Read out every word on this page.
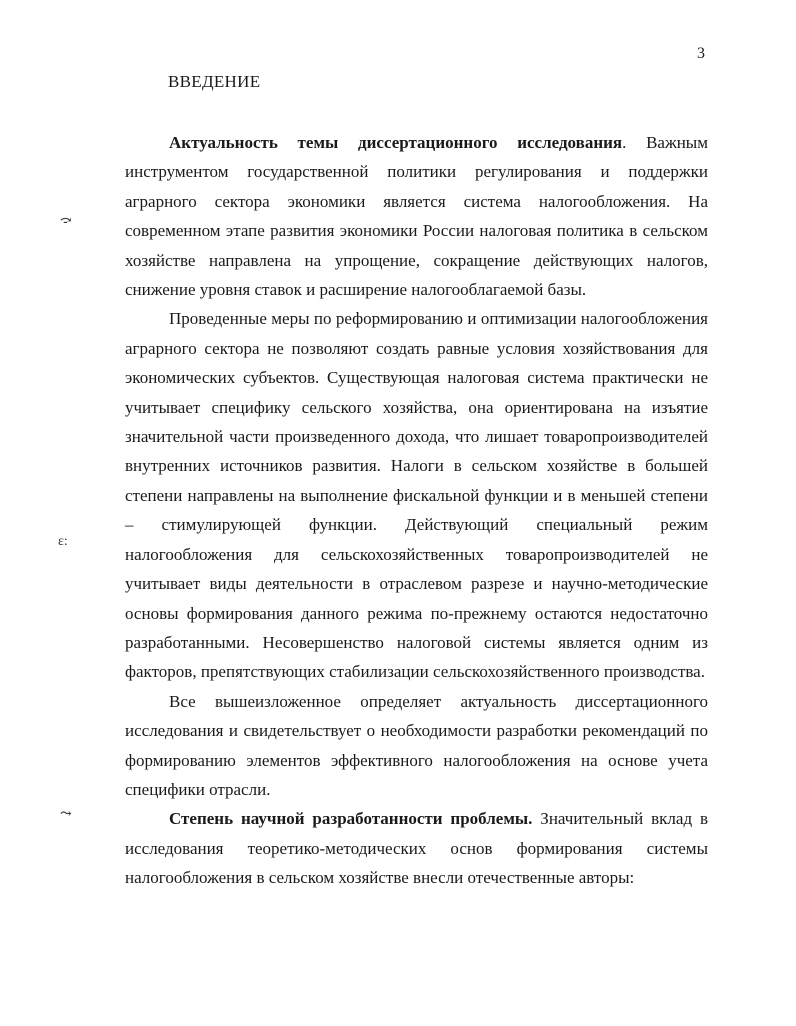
3
ВВЕДЕНИЕ
⤼
ɛ:
⤳

Актуальность темы диссертационного исследования. Важным инструментом государственной политики регулирования и поддержки аграрного сектора экономики является система налогообложения. На современном этапе развития экономики России налоговая политика в сельском хозяйстве направлена на упрощение, сокращение действующих налогов, снижение уровня ставок и расширение налогооблагаемой базы.

Проведенные меры по реформированию и оптимизации налогообложения аграрного сектора не позволяют создать равные условия хозяйствования для экономических субъектов. Существующая налоговая система практически не учитывает специфику сельского хозяйства, она ориентирована на изъятие значительной части произведенного дохода, что лишает товаропроизводителей внутренних источников развития. Налоги в сельском хозяйстве в большей степени направлены на выполнение фискальной функции и в меньшей степени – стимулирующей функции. Действующий специальный режим налогообложения для сельскохозяйственных товаропроизводителей не учитывает виды деятельности в отраслевом разрезе и научно-методические основы формирования данного режима по-прежнему остаются недостаточно разработанными. Несовершенство налоговой системы является одним из факторов, препятствующих стабилизации сельскохозяйственного производства.

Все вышеизложенное определяет актуальность диссертационного исследования и свидетельствует о необходимости разработки рекомендаций по формированию элементов эффективного налогообложения на основе учета специфики отрасли.

Степень научной разработанности проблемы. Значительный вклад в исследования теоретико-методических основ формирования системы налогообложения в сельском хозяйстве внесли отечественные авторы:
